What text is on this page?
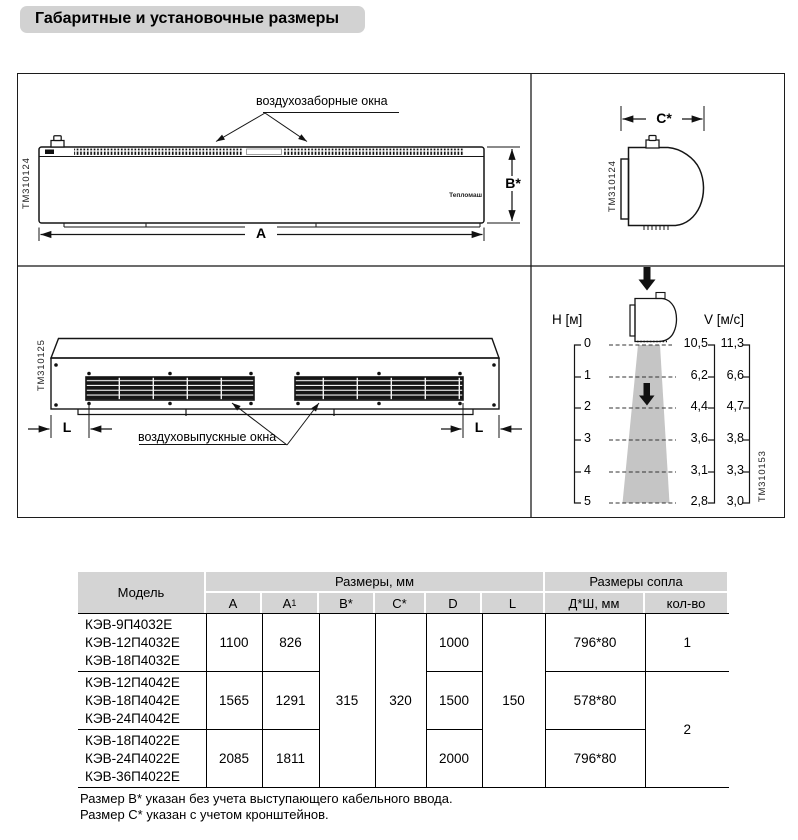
Габаритные и установочные размеры
воздухозаборные окна
B*
A
TM310124	Тепломаш
C*
TM310124
воздуховыпускные окна
L	L
TM310125
H [м]	V [м/с]
TM310153
0
1
2
3
4
5
10,5
6,2
4,4
3,6
3,1
2,8
11,3
6,6
4,7
3,8
3,3
3,0
Модель
Размеры, мм	Размеры сопла
A	A 1	B*	C*	D	L	Д*Ш, мм	кол-во
КЭВ-9П4032Е
КЭВ-12П4032Е
КЭВ-18П4032Е	1100	826	315	320	1000	150	796*80	1

КЭВ-12П4042Е
КЭВ-18П4042Е
КЭВ-24П4042Е	1565	1291			1500		578*80	2

КЭВ-18П4022Е
КЭВ-24П4022Е
КЭВ-36П4022Е	2085	1811			2000		796*80	
Размер B* указан без учета выступающего кабельного ввода.
Размер C* указан с учетом кронштейнов.
